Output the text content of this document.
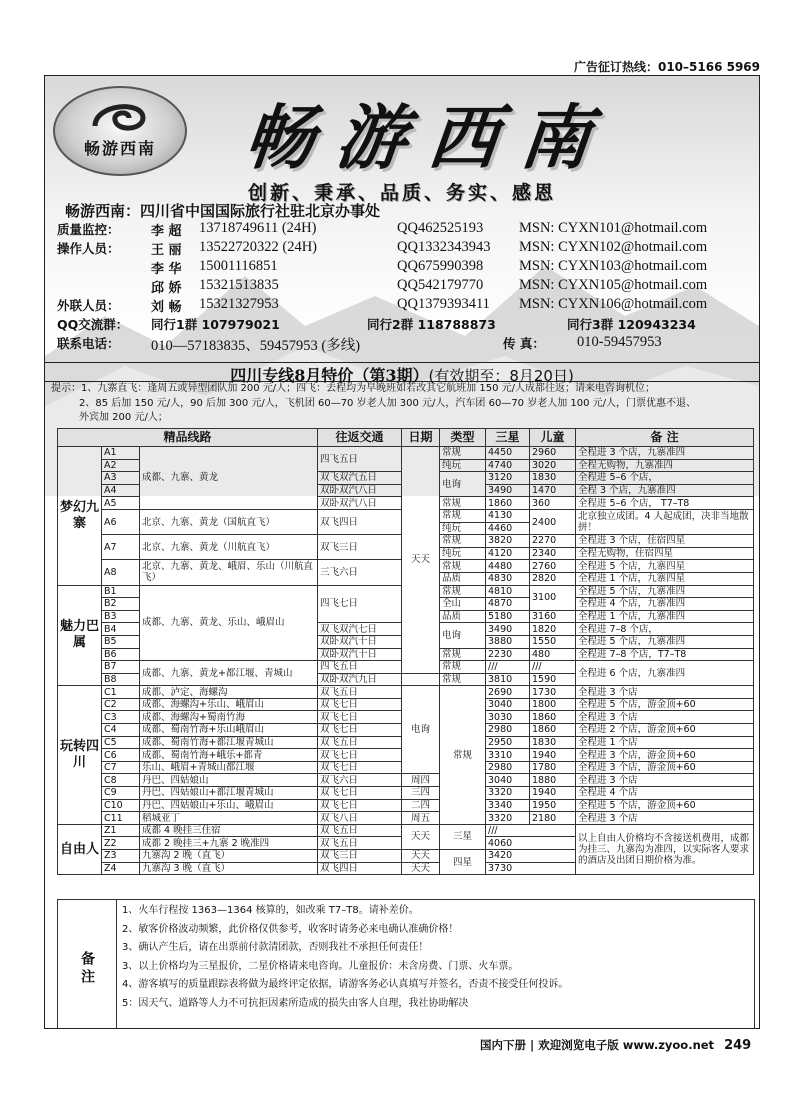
广告征订热线：010–5166 5969
畅游西南	畅游西南
创新、秉承、品质、务实、感恩
畅游西南：四川省中国国际旅行社驻北京办事处
质量监控： 李 超 13718749611 (24H)	QQ462525193 MSN: CYXN101@hotmail.com
操作人员： 王 丽 13522720322 (24H)	QQ1332343943 MSN: CYXN102@hotmail.com
李 华 15001116851	QQ675990398 MSN: CYXN103@hotmail.com
邱 娇 15321513835	QQ542179770 MSN: CYXN105@hotmail.com
外联人员： 刘 畅 15321327953	QQ1379393411 MSN: CYXN106@hotmail.com
QQ交流群： 同行1群 107979021	同行2群 118788873	同行3群 120943234
联系电话： 010—57183835、59457953 (多线)	传 真： 010-59457953
四川专线8月特价（第3期）(有效期至：8月20日)
提示：1、九寨直飞：逢周五或异型团队加 200 元/人；四飞：去程均为早晚班如若改其它航班加 150 元/人成都往返；请来电咨询机位；
2、85 后加 150 元/人，90 后加 300 元/人，飞机团 60—70 岁老人加 300 元/人，汽车团 60—70 岁老人加 100 元/人，门票优惠不退、
外宾加 200 元/人；
精品线路			往返交通	日期	类型	三星	儿童	备 注
梦幻九寨	A1	成都、九寨、黄龙	四飞五日	天天	常规	4450	2960	全程进 3 个店，九寨准四
	A2				纯玩	4740	3020	全程无购物，九寨准四
	A3		双飞双汽五日		电询	3120	1830	全程进 5–6 个店，
	A4		双卧双汽八日			3490	1470	全程 3 个店，九寨准四
	A5		双卧双汽八日		常规	1860	360	全程进 5–6 个店， T7–T8
	A6	北京、九寨、黄龙（国航直飞）	双飞四日		常规	4130	2400	北京独立成团。4 人起成团，决非当地散拼！
					纯玩	4460		
	A7	北京、九寨、黄龙（川航直飞）	双飞三日		常规	3820	2270	全程进 3 个店，住宿四星
					纯玩	4120	2340	全程无购物，住宿四星
	A8	北京、九寨、黄龙、峨眉、乐山（川航直飞）	三飞六日		常规	4480	2760	全程进 5 个店，九寨四星
					品质	4830	2820	全程进 1 个店，九寨四星
魅力巴属	B1	成都、九寨、黄龙、乐山、峨眉山	四飞七日		常规	4810	3100	全程进 5 个店，九寨准四
	B2				全山	4870		全程进 4 个店，九寨准四
	B3				品质	5180	3160	全程进 1 个店，九寨准四
	B4		双飞双汽七日		电询	3490	1820	全程进 7–8 个店，
	B5		双卧双汽十日			3880	1550	全程进 5 个店，九寨准四
	B6		双卧双汽十日		常规	2230	480	全程进 7–8 个店，T7–T8
	B7	成都、九寨、黄龙+都江堰、青城山	四飞五日		常规	///	///	全程进 6 个店，九寨准四
	B8		双卧双汽九日		常规	3810	1590	
玩转四川	C1	成都、泸定、海螺沟	双飞五日	电询	常规	2690	1730	全程进 3 个店
	C2	成都、海螺沟+乐山、峨眉山	双飞七日			3040	1800	全程进 5 个店，游金顶+60
	C3	成都、海螺沟+蜀南竹海	双飞七日			3030	1860	全程进 3 个店
	C4	成都、蜀南竹海+乐山峨眉山	双飞七日			2980	1860	全程进 2 个店，游金顶+60
	C5	成都、蜀南竹海+都江堰青城山	双飞五日			2950	1830	全程进 1 个店
	C6	成都、蜀南竹海+峨乐+都青	双飞七日			3310	1940	全程进 3 个店，游金顶+60
	C7	乐山、峨眉+青城山都江堰	双飞七日			2980	1780	全程进 3 个店，游金顶+60
	C8	丹巴、四姑娘山	双飞六日	周四		3040	1880	全程进 3 个店
	C9	丹巴、四姑娘山+都江堰青城山	双飞七日	三四		3320	1940	全程进 4 个店
	C10	丹巴、四姑娘山+乐山、峨眉山	双飞七日	二四		3340	1950	全程进 5 个店，游金顶+60
	C11	稻城亚丁	双飞八日	周五		3320	2180	全程进 3 个店
自由人	Z1	成都 4 晚挂三住宿	双飞五日	天天	三星	///		以上自由人价格均不含接送机费用，成都为挂三、九寨沟为准四，以实际客人要求的酒店及出团日期价格为准。
	Z2	成都 2 晚挂三+九寨 2 晚准四	双飞五日			4060		
	Z3	九寨沟 2 晚（直飞）	双飞三日	天天	四星	3420		
	Z4	九寨沟 3 晚（直飞）	双飞四日	天天		3730		
备注
1、火车行程按 1363—1364 核算的，如改乘 T7–T8。请补差价。
2、敏客价格波动频繁，此价格仅供参考，收客时请务必来电确认准确价格！
3、确认产生后，请在出票前付款清团款，否则我社不承担任何责任！
3、以上价格均为三星报价，二星价格请来电咨询。儿童报价：未含房费、门票、火车票。
4、游客填写的质量跟踪表将做为最终评定依据，请游客务必认真填写并签名，否责不接受任何投诉。
5：因天气、道路等人力不可抗拒因素所造成的损失由客人自理，我社协助解决
国内下册 | 欢迎浏览电子版 www.zyoo.net 249
